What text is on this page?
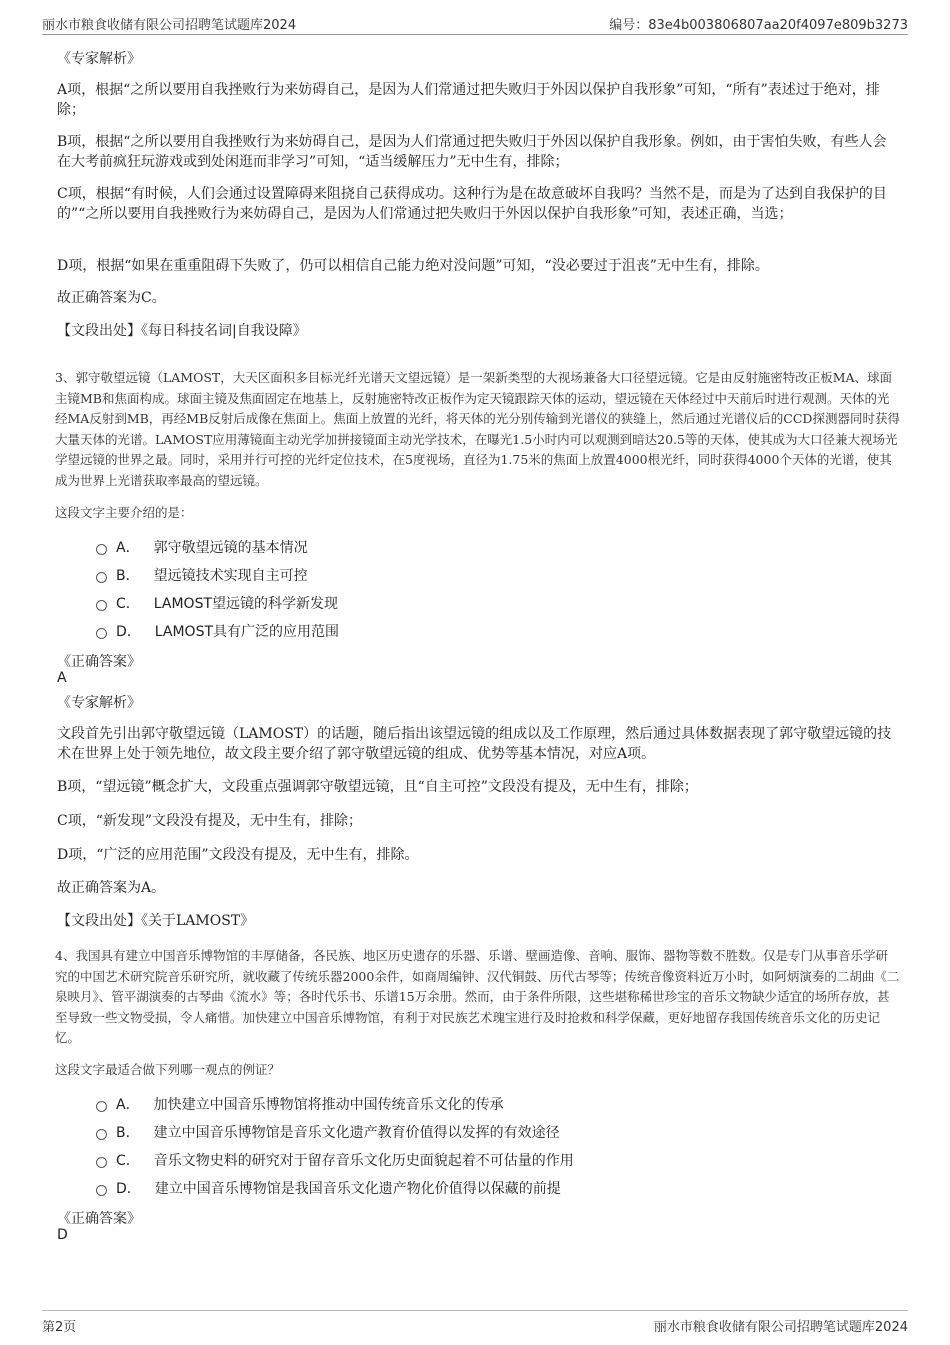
丽水市粮食收储有限公司招聘笔试题库2024	编号：83e4b003806807aa20f4097e809b3273
《专家解析》

A项，根据“之所以要用自我挫败行为来妨碍自己，是因为人们常通过把失败归于外因以保护自我形象”可知，“所有”表述过于绝对，排除；

B项，根据“之所以要用自我挫败行为来妨碍自己，是因为人们常通过把失败归于外因以保护自我形象。例如，由于害怕失败，有些人会在大考前疯狂玩游戏或到处闲逛而非学习”可知，“适当缓解压力”无中生有，排除；

C项，根据“有时候，人们会通过设置障碍来阻挠自己获得成功。这种行为是在故意破坏自我吗？当然不是，而是为了达到自我保护的目的”“之所以要用自我挫败行为来妨碍自己，是因为人们常通过把失败归于外因以保护自我形象”可知，表述正确，当选；

D项，根据“如果在重重阻碍下失败了，仍可以相信自己能力绝对没问题”可知，“没必要过于沮丧”无中生有，排除。

故正确答案为C。

【文段出处】《每日科技名词|自我设障》

3、郭守敬望远镜（LAMOST，大天区面积多目标光纤光谱天文望远镜）是一架新类型的大视场兼备大口径望远镜。它是由反射施密特改正板MA、球面主镜MB和焦面构成。球面主镜及焦面固定在地基上，反射施密特改正板作为定天镜跟踪天体的运动，望远镜在天体经过中天前后时进行观测。天体的光经MA反射到MB，再经MB反射后成像在焦面上。焦面上放置的光纤，将天体的光分别传输到光谱仪的狭缝上，然后通过光谱仪后的CCD探测器同时获得大量天体的光谱。LAMOST应用薄镜面主动光学加拼接镜面主动光学技术，在曝光1.5小时内可以观测到暗达20.5等的天体，使其成为大口径兼大视场光学望远镜的世界之最。同时，采用并行可控的光纤定位技术，在5度视场，直径为1.75米的焦面上放置4000根光纤，同时获得4000个天体的光谱，使其成为世界上光谱获取率最高的望远镜。

这段文字主要介绍的是：

A． 郭守敬望远镜的基本情况
B． 望远镜技术实现自主可控
C． LAMOST望远镜的科学新发现
D． LAMOST具有广泛的应用范围
《正确答案》
A
《专家解析》

文段首先引出郭守敬望远镜（LAMOST）的话题，随后指出该望远镜的组成以及工作原理，然后通过具体数据表现了郭守敬望远镜的技术在世界上处于领先地位，故文段主要介绍了郭守敬望远镜的组成、优势等基本情况，对应A项。

B项，“望远镜”概念扩大，文段重点强调郭守敬望远镜，且“自主可控”文段没有提及，无中生有，排除；

C项，“新发现”文段没有提及，无中生有，排除；

D项，“广泛的应用范围”文段没有提及，无中生有，排除。

故正确答案为A。

【文段出处】《关于LAMOST》

4、我国具有建立中国音乐博物馆的丰厚储备，各民族、地区历史遗存的乐器、乐谱、壁画造像、音响、服饰、器物等数不胜数。仅是专门从事音乐学研究的中国艺术研究院音乐研究所，就收藏了传统乐器2000余件，如商周编钟、汉代铜鼓、历代古琴等；传统音像资料近万小时，如阿炳演奏的二胡曲《二泉映月》、管平湖演奏的古琴曲《流水》等；各时代乐书、乐谱15万余册。然而，由于条件所限，这些堪称稀世珍宝的音乐文物缺少适宜的场所存放，甚至导致一些文物受损，令人痛惜。加快建立中国音乐博物馆，有利于对民族艺术瑰宝进行及时抢救和科学保藏，更好地留存我国传统音乐文化的历史记忆。

这段文字最适合做下列哪一观点的例证？

A． 加快建立中国音乐博物馆将推动中国传统音乐文化的传承
B． 建立中国音乐博物馆是音乐文化遗产教育价值得以发挥的有效途径
C． 音乐文物史料的研究对于留存音乐文化历史面貌起着不可估量的作用
D． 建立中国音乐博物馆是我国音乐文化遗产物化价值得以保藏的前提
《正确答案》
D
第2页	丽水市粮食收储有限公司招聘笔试题库2024
